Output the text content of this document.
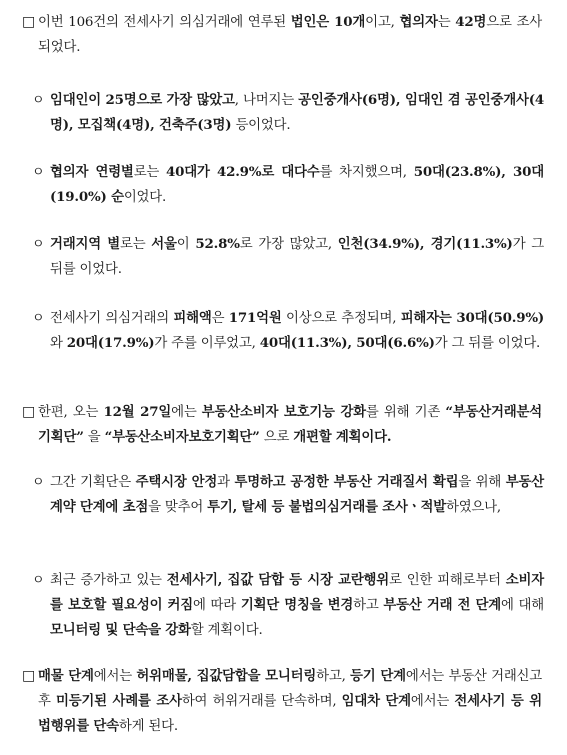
□ 이번 106건의 전세사기 의심거래에 연루된 법인은 10개이고, 협의자는 42명으로 조사되었다.
ㅇ 임대인이 25명으로 가장 많았고, 나머지는 공인중개사(6명), 임대인 겸 공인중개사(4명), 모집책(4명), 건축주(3명) 등이었다.
ㅇ 협의자 연령별로는 40대가 42.9%로 대다수를 차지했으며, 50대(23.8%), 30대(19.0%) 순이었다.
ㅇ 거래지역 별로는 서울이 52.8%로 가장 많았고, 인천(34.9%), 경기(11.3%)가 그 뒤를 이었다.
ㅇ 전세사기 의심거래의 피해액은 171억원 이상으로 추정되며, 피해자는 30대(50.9%)와 20대(17.9%)가 주를 이루었고, 40대(11.3%), 50대(6.6%)가 그 뒤를 이었다.
□ 한편, 오는 12월 27일에는 부동산소비자 보호기능 강화를 위해 기존 “부동산거래분석기획단” 을 “부동산소비자보호기획단” 으로 개편할 계획이다.
ㅇ 그간 기획단은 주택시장 안정과 투명하고 공정한 부동산 거래질서 확립을 위해 부동산 계약 단계에 초점을 맞추어 투기, 탈세 등 불법의심거래를 조사ㆍ적발하였으나,
ㅇ 최근 증가하고 있는 전세사기, 집값 담합 등 시장 교란행위로 인한 피해로부터 소비자를 보호할 필요성이 커짐에 따라 기획단 명칭을 변경하고 부동산 거래 전 단계에 대해 모니터링 및 단속을 강화할 계획이다.
□ 매물 단계에서는 허위매물, 집값담합을 모니터링하고, 등기 단계에서는 부동산 거래신고 후 미등기된 사례를 조사하여 허위거래를 단속하며, 임대차 단계에서는 전세사기 등 위법행위를 단속하게 된다.
